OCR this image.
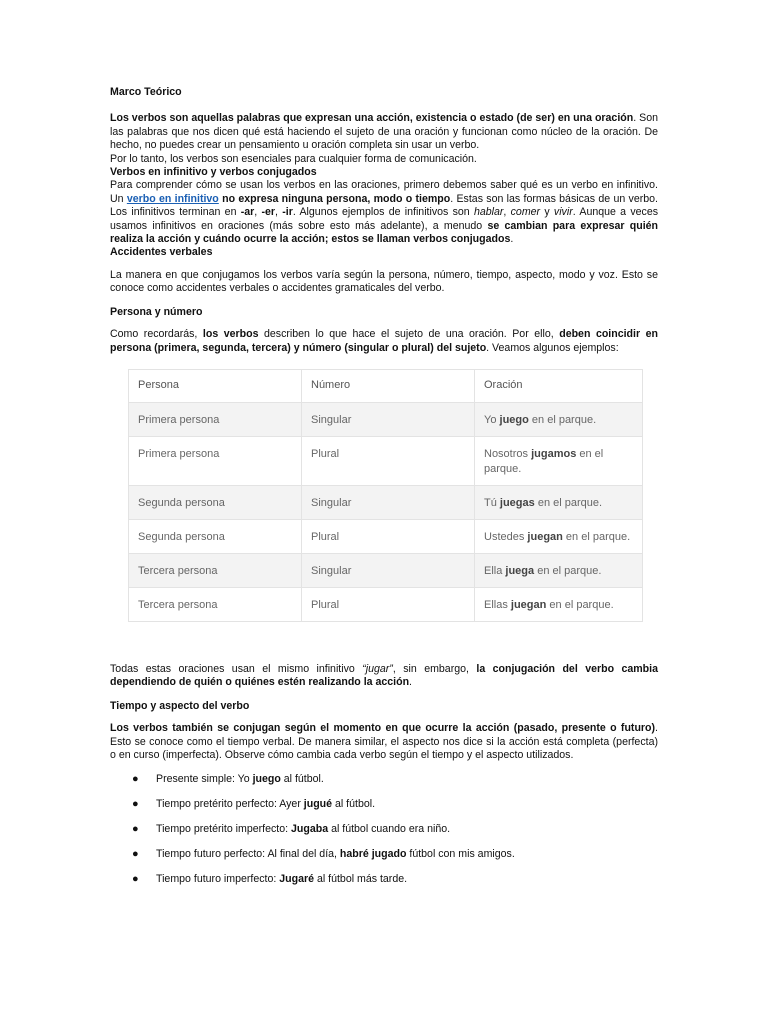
Marco Teórico

Los verbos son aquellas palabras que expresan una acción, existencia o estado (de ser) en una oración. Son las palabras que nos dicen qué está haciendo el sujeto de una oración y funcionan como núcleo de la oración. De hecho, no puedes crear un pensamiento u oración completa sin usar un verbo.

Por lo tanto, los verbos son esenciales para cualquier forma de comunicación.

Verbos en infinitivo y verbos conjugados

Para comprender cómo se usan los verbos en las oraciones, primero debemos saber qué es un verbo en infinitivo. Un verbo en infinitivo no expresa ninguna persona, modo o tiempo. Estas son las formas básicas de un verbo. Los infinitivos terminan en -ar, -er, -ir. Algunos ejemplos de infinitivos son hablar, comer y vivir. Aunque a veces usamos infinitivos en oraciones (más sobre esto más adelante), a menudo se cambian para expresar quién realiza la acción y cuándo ocurre la acción; estos se llaman verbos conjugados.

Accidentes verbales

La manera en que conjugamos los verbos varía según la persona, número, tiempo, aspecto, modo y voz. Esto se conoce como accidentes verbales o accidentes gramaticales del verbo.

Persona y número

Como recordarás, los verbos describen lo que hace el sujeto de una oración. Por ello, deben coincidir en persona (primera, segunda, tercera) y número (singular o plural) del sujeto. Veamos algunos ejemplos:

Persona	Número	Oración
Primera persona	Singular	Yo juego en el parque.
Primera persona	Plural	Nosotros jugamos en el parque.
Segunda persona	Singular	Tú juegas en el parque.
Segunda persona	Plural	Ustedes juegan en el parque.
Tercera persona	Singular	Ella juega en el parque.
Tercera persona	Plural	Ellas juegan en el parque.

Todas estas oraciones usan el mismo infinitivo “jugar”, sin embargo, la conjugación del verbo cambia dependiendo de quién o quiénes estén realizando la acción.

Tiempo y aspecto del verbo

Los verbos también se conjugan según el momento en que ocurre la acción (pasado, presente o futuro). Esto se conoce como el tiempo verbal. De manera similar, el aspecto nos dice si la acción está completa (perfecta) o en curso (imperfecta). Observe cómo cambia cada verbo según el tiempo y el aspecto utilizados.

● Presente simple: Yo juego al fútbol.
● Tiempo pretérito perfecto: Ayer jugué al fútbol.
● Tiempo pretérito imperfecto: Jugaba al fútbol cuando era niño.
● Tiempo futuro perfecto: Al final del día, habré jugado fútbol con mis amigos.
● Tiempo futuro imperfecto: Jugaré al fútbol más tarde.
